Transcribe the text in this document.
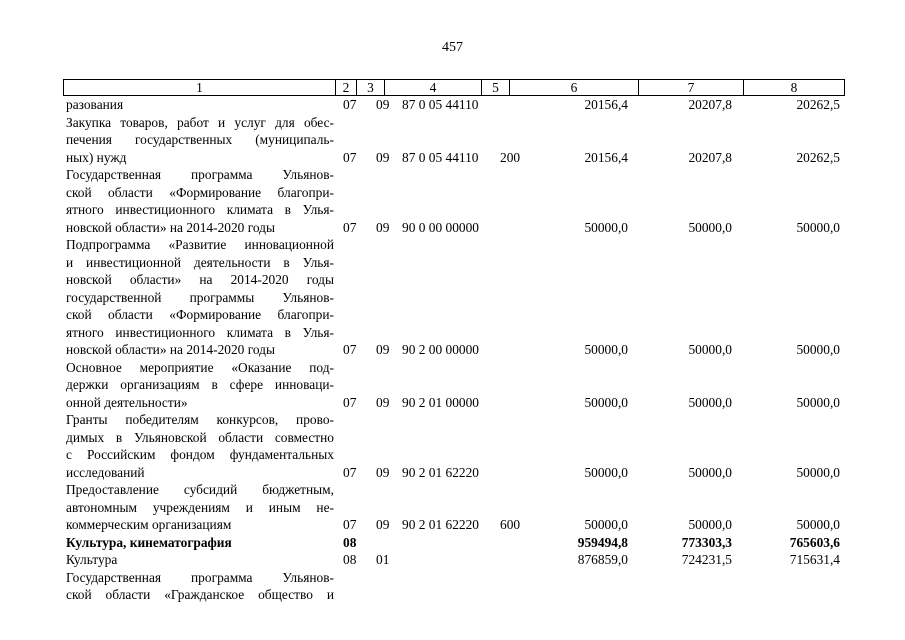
457
1	2	3	4	5	6	7	8
разования	07 09 87 0 05 44110	20156,4	20207,8	20262,5
Закупка товаров, работ и услуг для обес-
печения государственных (муниципаль-
ных) нужд	07 09 87 0 05 44110 200	20156,4	20207,8	20262,5
Государственная программа Ульянов-
ской области «Формирование благопри-
ятного инвестиционного климата в Улья-
новской области» на 2014-2020 годы	07 09 90 0 00 00000	50000,0	50000,0	50000,0
Подпрограмма «Развитие инновационной
и инвестиционной деятельности в Улья-
новской области» на 2014-2020 годы
государственной программы Ульянов-
ской области «Формирование благопри-
ятного инвестиционного климата в Улья-
новской области» на 2014-2020 годы	07 09 90 2 00 00000	50000,0	50000,0	50000,0
Основное мероприятие «Оказание под-
держки организациям в сфере инноваци-
онной деятельности»	07 09 90 2 01 00000	50000,0	50000,0	50000,0
Гранты победителям конкурсов, прово-
димых в Ульяновской области совместно
с Российским фондом фундаментальных
исследований	07 09 90 2 01 62220	50000,0	50000,0	50000,0
Предоставление субсидий бюджетным,
автономным учреждениям и иным не-
коммерческим организациям	07 09 90 2 01 62220 600	50000,0	50000,0	50000,0
Культура, кинематография	08	959494,8	773303,3	765603,6
Культура	08 01	876859,0	724231,5	715631,4
Государственная программа Ульянов-
ской области «Гражданское общество и
